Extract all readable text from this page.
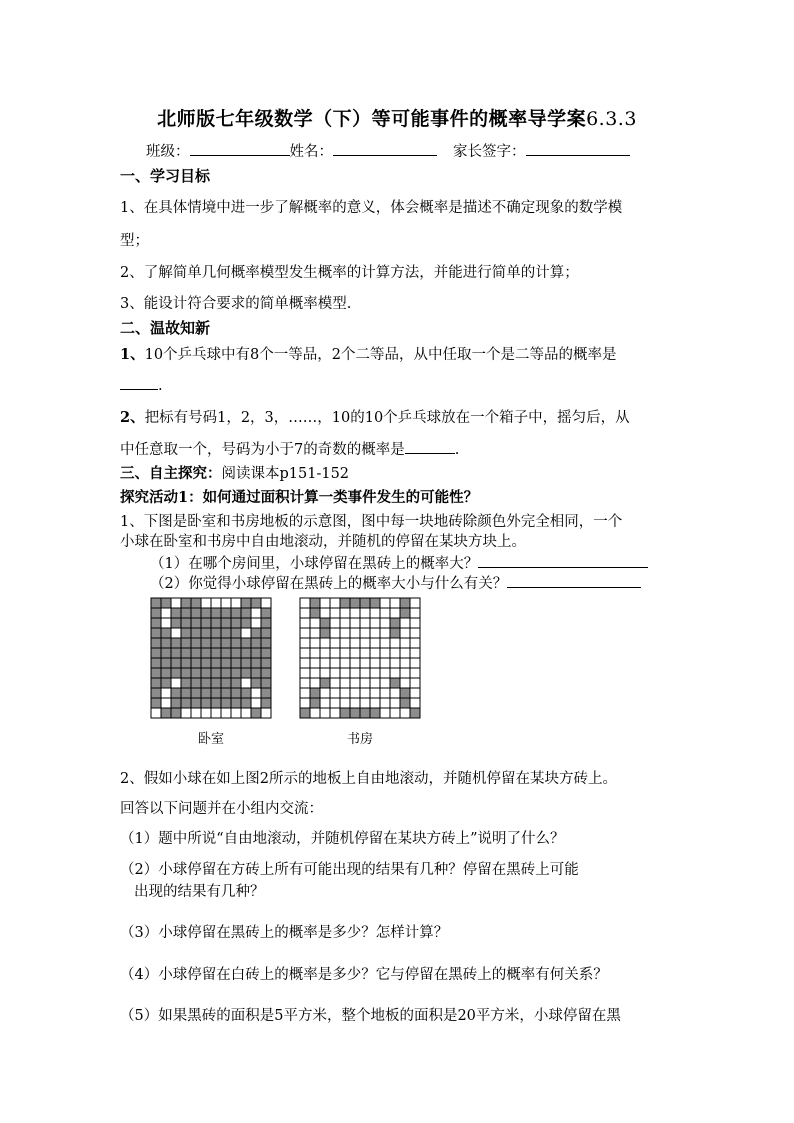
北师版七年级数学（下）等可能事件的概率导学案6.3.3
班级：	姓名：	家长签字：
一、学习目标
1、在具体情境中进一步了解概率的意义，体会概率是描述不确定现象的数学模
型；
2、了解简单几何概率模型发生概率的计算方法，并能进行简单的计算；
3、能设计符合要求的简单概率模型.
二、温故知新
1、10个乒乓球中有8个一等品，2个二等品，从中任取一个是二等品的概率是
.
2、把标有号码1，2，3，……，10的10个乒乓球放在一个箱子中，摇匀后，从
中任意取一个，号码为小于7的奇数的概率是	.
三、自主探究：阅读课本p151-152
探究活动1：如何通过面积计算一类事件发生的可能性？
1、下图是卧室和书房地板的示意图，图中每一块地砖除颜色外完全相同，一个
小球在卧室和书房中自由地滚动，并随机的停留在某块方块上。
（1）在哪个房间里，小球停留在黑砖上的概率大？
（2）你觉得小球停留在黑砖上的概率大小与什么有关？
卧室	书房
2、假如小球在如上图2所示的地板上自由地滚动，并随机停留在某块方砖上。
回答以下问题并在小组内交流：
（1）题中所说“自由地滚动，并随机停留在某块方砖上”说明了什么？
（2）小球停留在方砖上所有可能出现的结果有几种？停留在黑砖上可能
出现的结果有几种？
（3）小球停留在黑砖上的概率是多少？怎样计算？
（4）小球停留在白砖上的概率是多少？它与停留在黑砖上的概率有何关系？
（5）如果黑砖的面积是5平方米，整个地板的面积是20平方米，小球停留在黑
